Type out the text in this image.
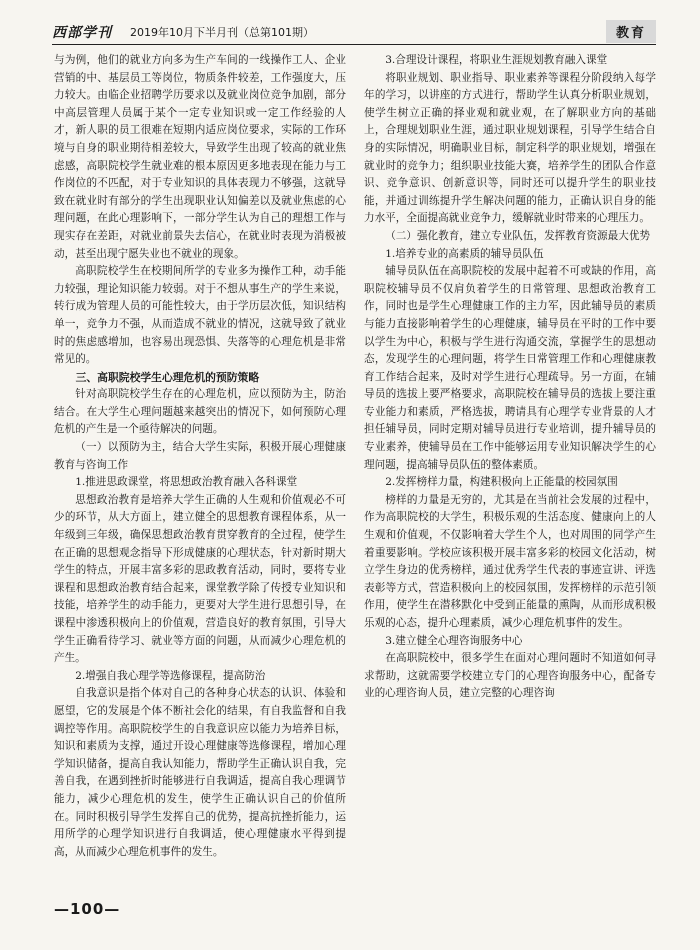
西部学刊 2019年10月下半月刊（总第101期）	教育

与为例，他们的就业方向多为生产车间的一线操作工人、企业营销的中、基层员工等岗位，物质条件较差，工作强度大，压力较大。由临企业招聘学历要求以及就业岗位竞争加剧，部分中高层管理人员属于某个一定专业知识或一定工作经验的人才，新人职的员工很难在短期内适应岗位要求，实际的工作环境与自身的职业期待相差较大，导致学生出现了较高的就业焦虑感，高职院校学生就业难的根本原因更多地表现在能力与工作岗位的不匹配，对于专业知识的具体表现力不够强，这就导致在就业时有部分的学生出现职业认知偏差以及就业焦虑的心理问题，在此心理影响下，一部分学生认为自己的理想工作与现实存在差距，对就业前景失去信心，在就业时表现为消极被动，甚至出现宁愿失业也不就业的现象。

高职院校学生在校期间所学的专业多为操作工种，动手能力较强，理论知识能力较弱。对于不想从事生产的学生来说，转行成为管理人员的可能性较大，由于学历层次低，知识结构单一，竞争力不强，从而造成不就业的情况，这就导致了就业时的焦虑感增加，也容易出现恐惧、失落等的心理危机是非常常见的。

三、高职院校学生心理危机的预防策略

针对高职院校学生存在的心理危机，应以预防为主，防治结合。在大学生心理问题越来越突出的情况下，如何预防心理危机的产生是一个亟待解决的问题。

（一）以预防为主，结合大学生实际，积极开展心理健康教育与咨询工作
1.推进思政课堂，将思想政治教育融入各科课堂

思想政治教育是培养大学生正确的人生观和价值观必不可少的环节，从大方面上，建立健全的思想教育课程体系，从一年级到三年级，确保思想政治教育贯穿教育的全过程，使学生在正确的思想观念指导下形成健康的心理状态，针对新时期大学生的特点，开展丰富多彩的思政教育活动，同时，要将专业课程和思想政治教育结合起来，课堂教学除了传授专业知识和技能，培养学生的动手能力，更要对大学生进行思想引导，在课程中渗透积极向上的价值观，营造良好的教育氛围，引导大学生正确看待学习、就业等方面的问题，从而减少心理危机的产生。

2.增强自我心理学等选修课程，提高防治

自我意识是指个体对自己的各种身心状态的认识、体验和愿望，它的发展是个体不断社会化的结果，有自我监督和自我调控等作用。高职院校学生的自我意识应以能力为培养目标，知识和素质为支撑，通过开设心理健康等选修课程，增加心理学知识储备，提高自我认知能力，帮助学生正确认识自我，完善自我，在遇到挫折时能够进行自我调适，提高自我心理调节能力，减少心理危机的发生，使学生正确认识自己的价值所在。同时积极引导学生发挥自己的优势，提高抗挫折能力，运用所学的心理学知识进行自我调适，使心理健康水平得到提高，从而减少心理危机事件的发生。

3.合理设计课程，将职业生涯规划教育融入课堂

将职业规划、职业指导、职业素养等课程分阶段纳入每学年的学习，以讲座的方式进行，帮助学生认真分析职业规划，使学生树立正确的择业观和就业观，在了解职业方向的基础上，合理规划职业生涯，通过职业规划课程，引导学生结合自身的实际情况，明确职业目标，制定科学的职业规划，增强在就业时的竞争力；组织职业技能大赛，培养学生的团队合作意识、竞争意识、创新意识等，同时还可以提升学生的职业技能，并通过训练提升学生解决问题的能力，正确认识自身的能力水平，全面提高就业竞争力，缓解就业时带来的心理压力。

（二）强化教育，建立专业队伍，发挥教育资源最大优势
1.培养专业的高素质的辅导员队伍

辅导员队伍在高职院校的发展中起着不可或缺的作用，高职院校辅导员不仅肩负着学生的日常管理、思想政治教育工作，同时也是学生心理健康工作的主力军，因此辅导员的素质与能力直接影响着学生的心理健康，辅导员在平时的工作中要以学生为中心，积极与学生进行沟通交流，掌握学生的思想动态，发现学生的心理问题，将学生日常管理工作和心理健康教育工作结合起来，及时对学生进行心理疏导。另一方面，在辅导员的选拔上要严格要求，高职院校在辅导员的选拔上要注重专业能力和素质，严格选拔，聘请具有心理学专业背景的人才担任辅导员，同时定期对辅导员进行专业培训，提升辅导员的专业素养，使辅导员在工作中能够运用专业知识解决学生的心理问题，提高辅导员队伍的整体素质。

2.发挥榜样力量，构建积极向上正能量的校园氛围

榜样的力量是无穷的，尤其是在当前社会发展的过程中，作为高职院校的大学生，积极乐观的生活态度、健康向上的人生观和价值观，不仅影响着大学生个人，也对周围的同学产生着重要影响。学校应该积极开展丰富多彩的校园文化活动，树立学生身边的优秀榜样，通过优秀学生代表的事迹宣讲、评选表彰等方式，营造积极向上的校园氛围，发挥榜样的示范引领作用，使学生在潜移默化中受到正能量的熏陶，从而形成积极乐观的心态，提升心理素质，减少心理危机事件的发生。

3.建立健全心理咨询服务中心

在高职院校中，很多学生在面对心理问题时不知道如何寻求帮助，这就需要学校建立专门的心理咨询服务中心，配备专业的心理咨询人员，建立完整的心理咨询

—100—
